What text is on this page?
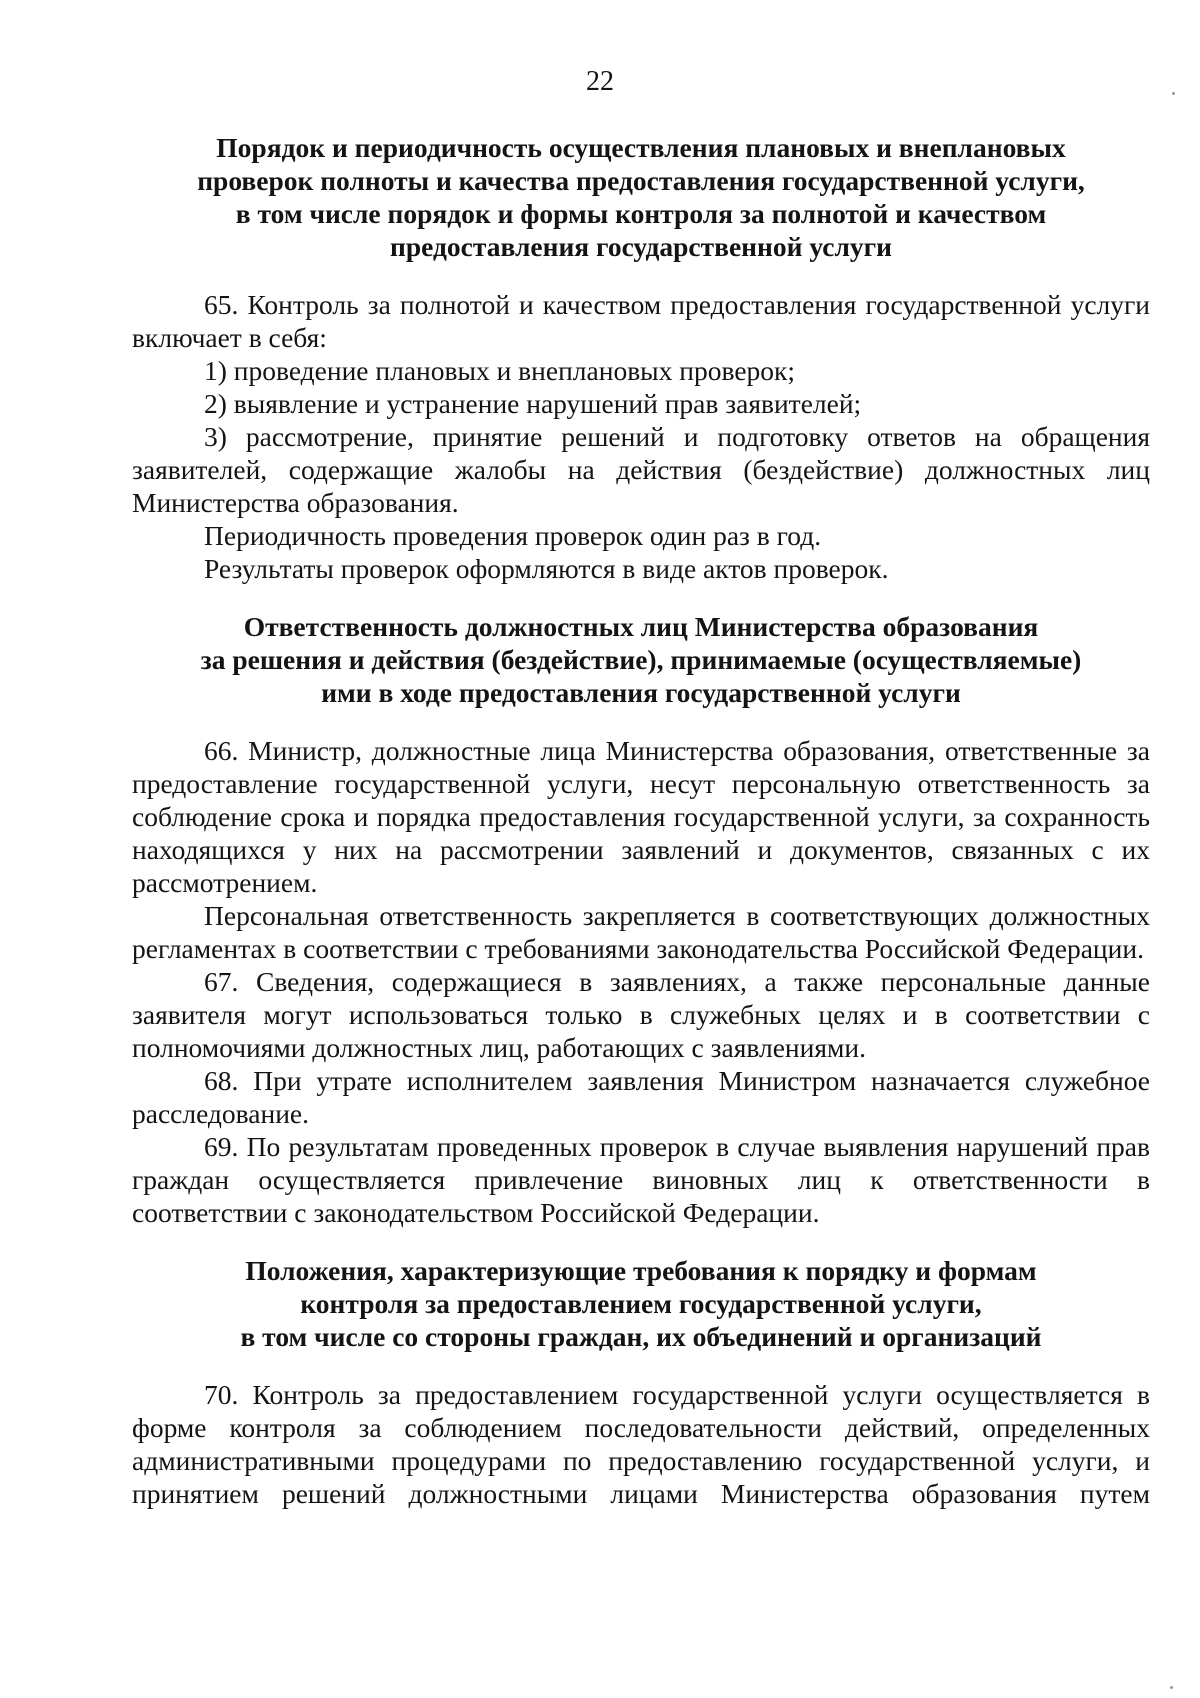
22
Порядок и периодичность осуществления плановых и внеплановых
проверок полноты и качества предоставления государственной услуги,
в том числе порядок и формы контроля за полнотой и качеством
предоставления государственной услуги

65. Контроль за полнотой и качеством предоставления государственной услуги включает в себя:

1) проведение плановых и внеплановых проверок;

2) выявление и устранение нарушений прав заявителей;

3) рассмотрение, принятие решений и подготовку ответов на обращения заявителей, содержащие жалобы на действия (бездействие) должностных лиц Министерства образования.

Периодичность проведения проверок один раз в год.

Результаты проверок оформляются в виде актов проверок.

Ответственность должностных лиц Министерства образования
за решения и действия (бездействие), принимаемые (осуществляемые)
ими в ходе предоставления государственной услуги

66. Министр, должностные лица Министерства образования, ответственные за предоставление государственной услуги, несут персональную ответственность за соблюдение срока и порядка предоставления государственной услуги, за сохранность находящихся у них на рассмотрении заявлений и документов, связанных с их рассмотрением.

Персональная ответственность закрепляется в соответствующих должностных регламентах в соответствии с требованиями законодательства Российской Федерации.

67. Сведения, содержащиеся в заявлениях, а также персональные данные заявителя могут использоваться только в служебных целях и в соответствии с полномочиями должностных лиц, работающих с заявлениями.

68. При утрате исполнителем заявления Министром назначается служебное расследование.

69. По результатам проведенных проверок в случае выявления нарушений прав граждан осуществляется привлечение виновных лиц к ответственности в соответствии с законодательством Российской Федерации.

Положения, характеризующие требования к порядку и формам
контроля за предоставлением государственной услуги,
в том числе со стороны граждан, их объединений и организаций

70. Контроль за предоставлением государственной услуги осуществляется в форме контроля за соблюдением последовательности действий, определенных административными процедурами по предоставлению государственной услуги, и принятием решений должностными лицами Министерства образования путем
